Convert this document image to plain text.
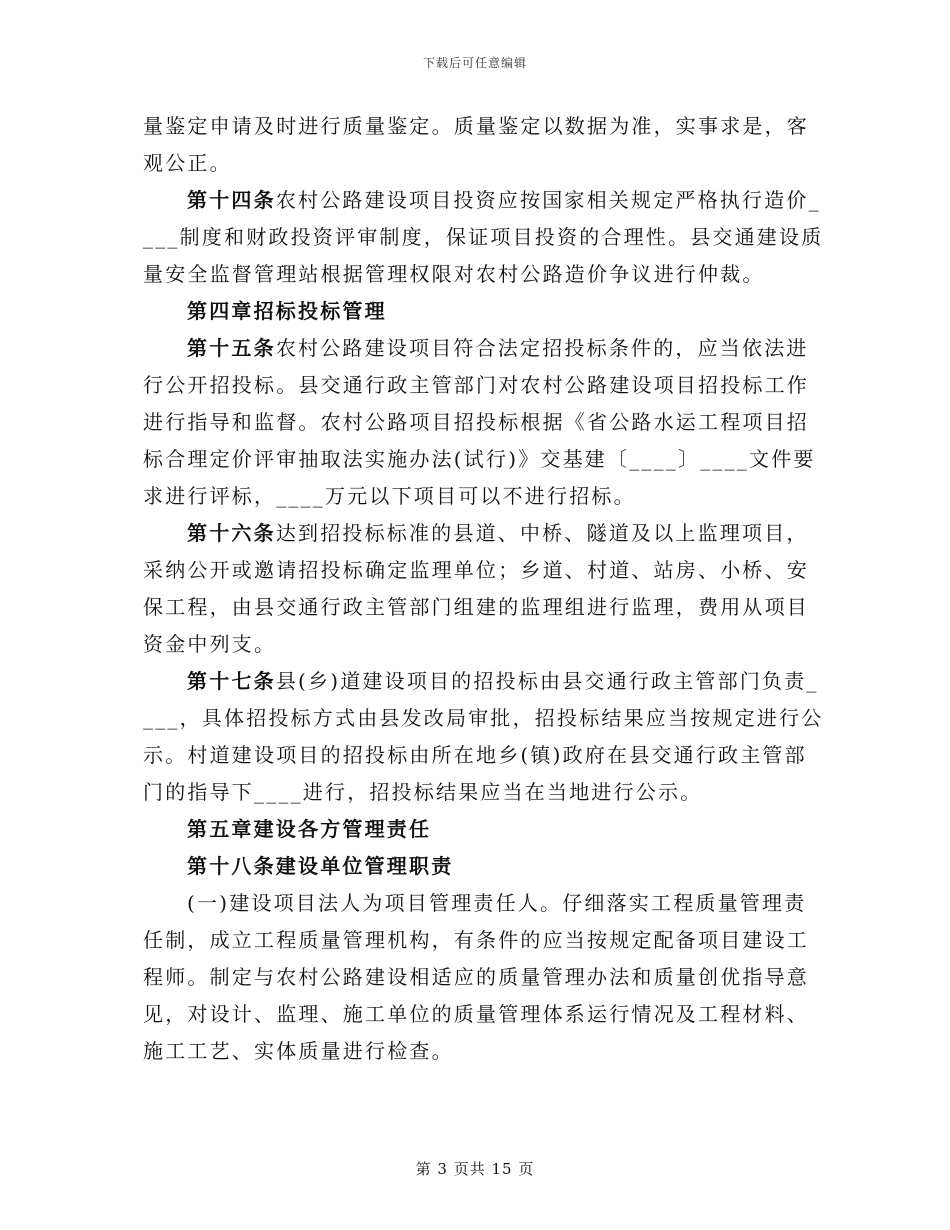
下载后可任意编辑
量鉴定申请及时进行质量鉴定。质量鉴定以数据为准，实事求是，客
观公正。
第十四条农村公路建设项目投资应按国家相关规定严格执行造价_
___制度和财政投资评审制度，保证项目投资的合理性。县交通建设质
量安全监督管理站根据管理权限对农村公路造价争议进行仲裁。
第四章招标投标管理
第十五条农村公路建设项目符合法定招投标条件的，应当依法进
行公开招投标。县交通行政主管部门对农村公路建设项目招投标工作
进行指导和监督。农村公路项目招投标根据《省公路水运工程项目招
标合理定价评审抽取法实施办法(试行)》交基建〔____〕____文件要
求进行评标，____万元以下项目可以不进行招标。
第十六条达到招投标标准的县道、中桥、隧道及以上监理项目，
采纳公开或邀请招投标确定监理单位；乡道、村道、站房、小桥、安
保工程，由县交通行政主管部门组建的监理组进行监理，费用从项目
资金中列支。
第十七条县(乡)道建设项目的招投标由县交通行政主管部门负责_
___，具体招投标方式由县发改局审批，招投标结果应当按规定进行公
示。村道建设项目的招投标由所在地乡(镇)政府在县交通行政主管部
门的指导下____进行，招投标结果应当在当地进行公示。
第五章建设各方管理责任
第十八条建设单位管理职责
(一)建设项目法人为项目管理责任人。仔细落实工程质量管理责
任制，成立工程质量管理机构，有条件的应当按规定配备项目建设工
程师。制定与农村公路建设相适应的质量管理办法和质量创优指导意
见，对设计、监理、施工单位的质量管理体系运行情况及工程材料、
施工工艺、实体质量进行检查。
第 3 页共 15 页
